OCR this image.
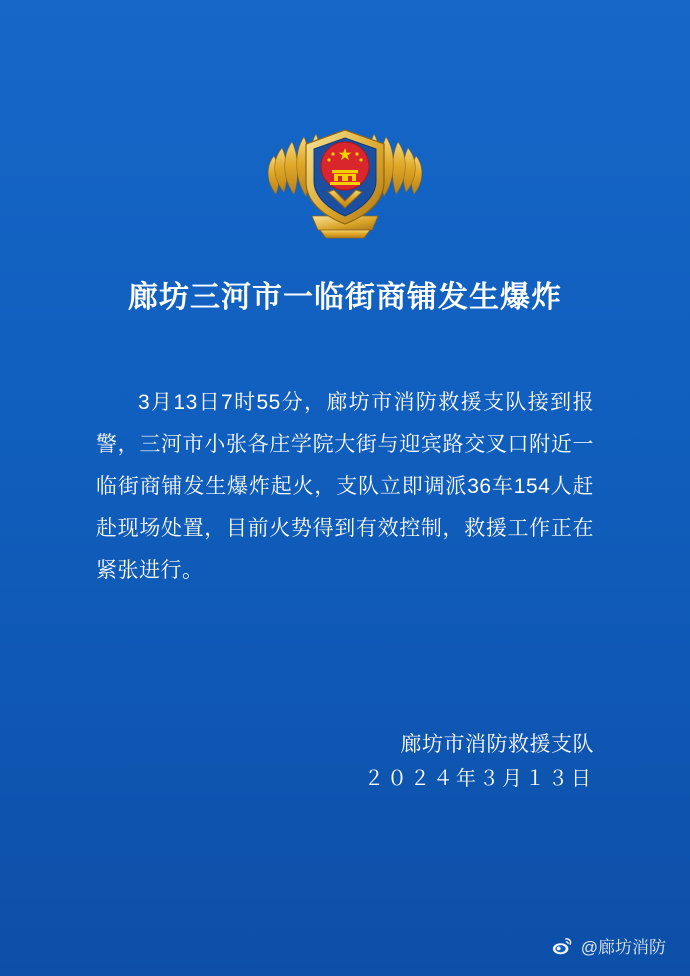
廊坊三河市一临街商铺发生爆炸
3月13日7时55分，廊坊市消防救援支队接到报警，三河市小张各庄学院大街与迎宾路交叉口附近一临街商铺发生爆炸起火，支队立即调派36车154人赶赴现场处置，目前火势得到有效控制，救援工作正在紧张进行。
廊坊市消防救援支队
２０２４年３月１３日
@廊坊消防
